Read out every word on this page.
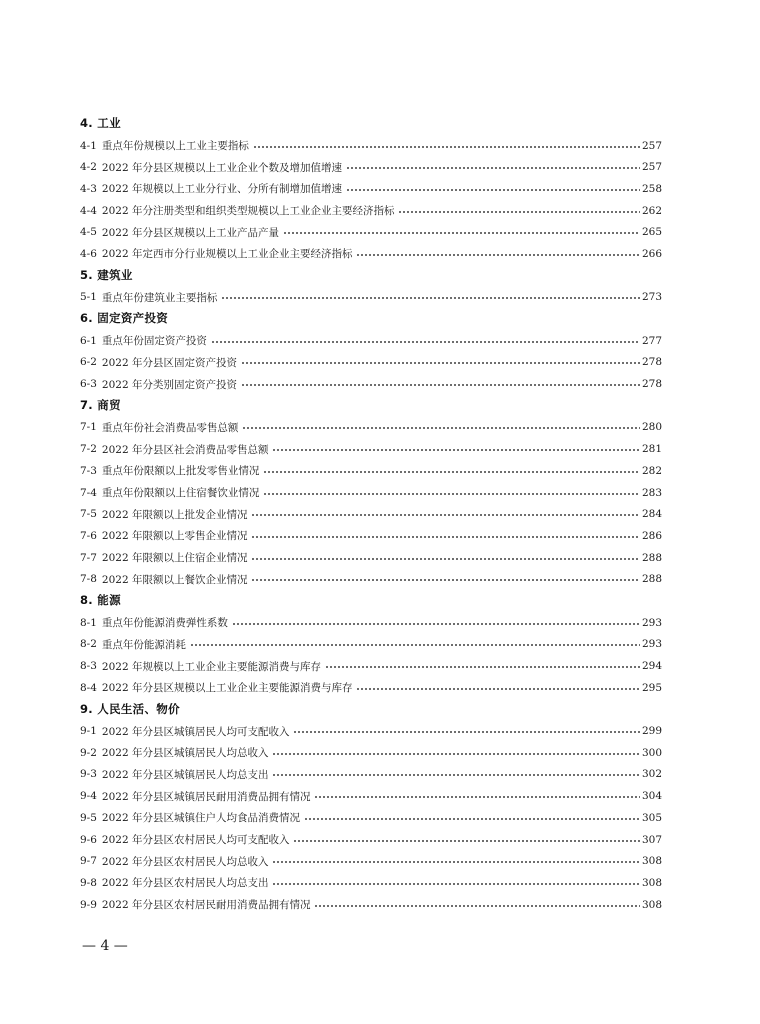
4. 工业
4-1 重点年份规模以上工业主要指标	257
4-2 2022 年分县区规模以上工业企业个数及增加值增速	257
4-3 2022 年规模以上工业分行业、分所有制增加值增速	258
4-4 2022 年分注册类型和组织类型规模以上工业企业主要经济指标	262
4-5 2022 年分县区规模以上工业产品产量	265
4-6 2022 年定西市分行业规模以上工业企业主要经济指标	266
5. 建筑业
5-1 重点年份建筑业主要指标	273
6. 固定资产投资
6-1 重点年份固定资产投资	277
6-2 2022 年分县区固定资产投资	278
6-3 2022 年分类别固定资产投资	278
7. 商贸
7-1 重点年份社会消费品零售总额	280
7-2 2022 年分县区社会消费品零售总额	281
7-3 重点年份限额以上批发零售业情况	282
7-4 重点年份限额以上住宿餐饮业情况	283
7-5 2022 年限额以上批发企业情况	284
7-6 2022 年限额以上零售企业情况	286
7-7 2022 年限额以上住宿企业情况	288
7-8 2022 年限额以上餐饮企业情况	288
8. 能源
8-1 重点年份能源消费弹性系数	293
8-2 重点年份能源消耗	293
8-3 2022 年规模以上工业企业主要能源消费与库存	294
8-4 2022 年分县区规模以上工业企业主要能源消费与库存	295
9. 人民生活、物价
9-1 2022 年分县区城镇居民人均可支配收入	299
9-2 2022 年分县区城镇居民人均总收入	300
9-3 2022 年分县区城镇居民人均总支出	302
9-4 2022 年分县区城镇居民耐用消费品拥有情况	304
9-5 2022 年分县区城镇住户人均食品消费情况	305
9-6 2022 年分县区农村居民人均可支配收入	307
9-7 2022 年分县区农村居民人均总收入	308
9-8 2022 年分县区农村居民人均总支出	308
9-9 2022 年分县区农村居民耐用消费品拥有情况	308
— 4 —
